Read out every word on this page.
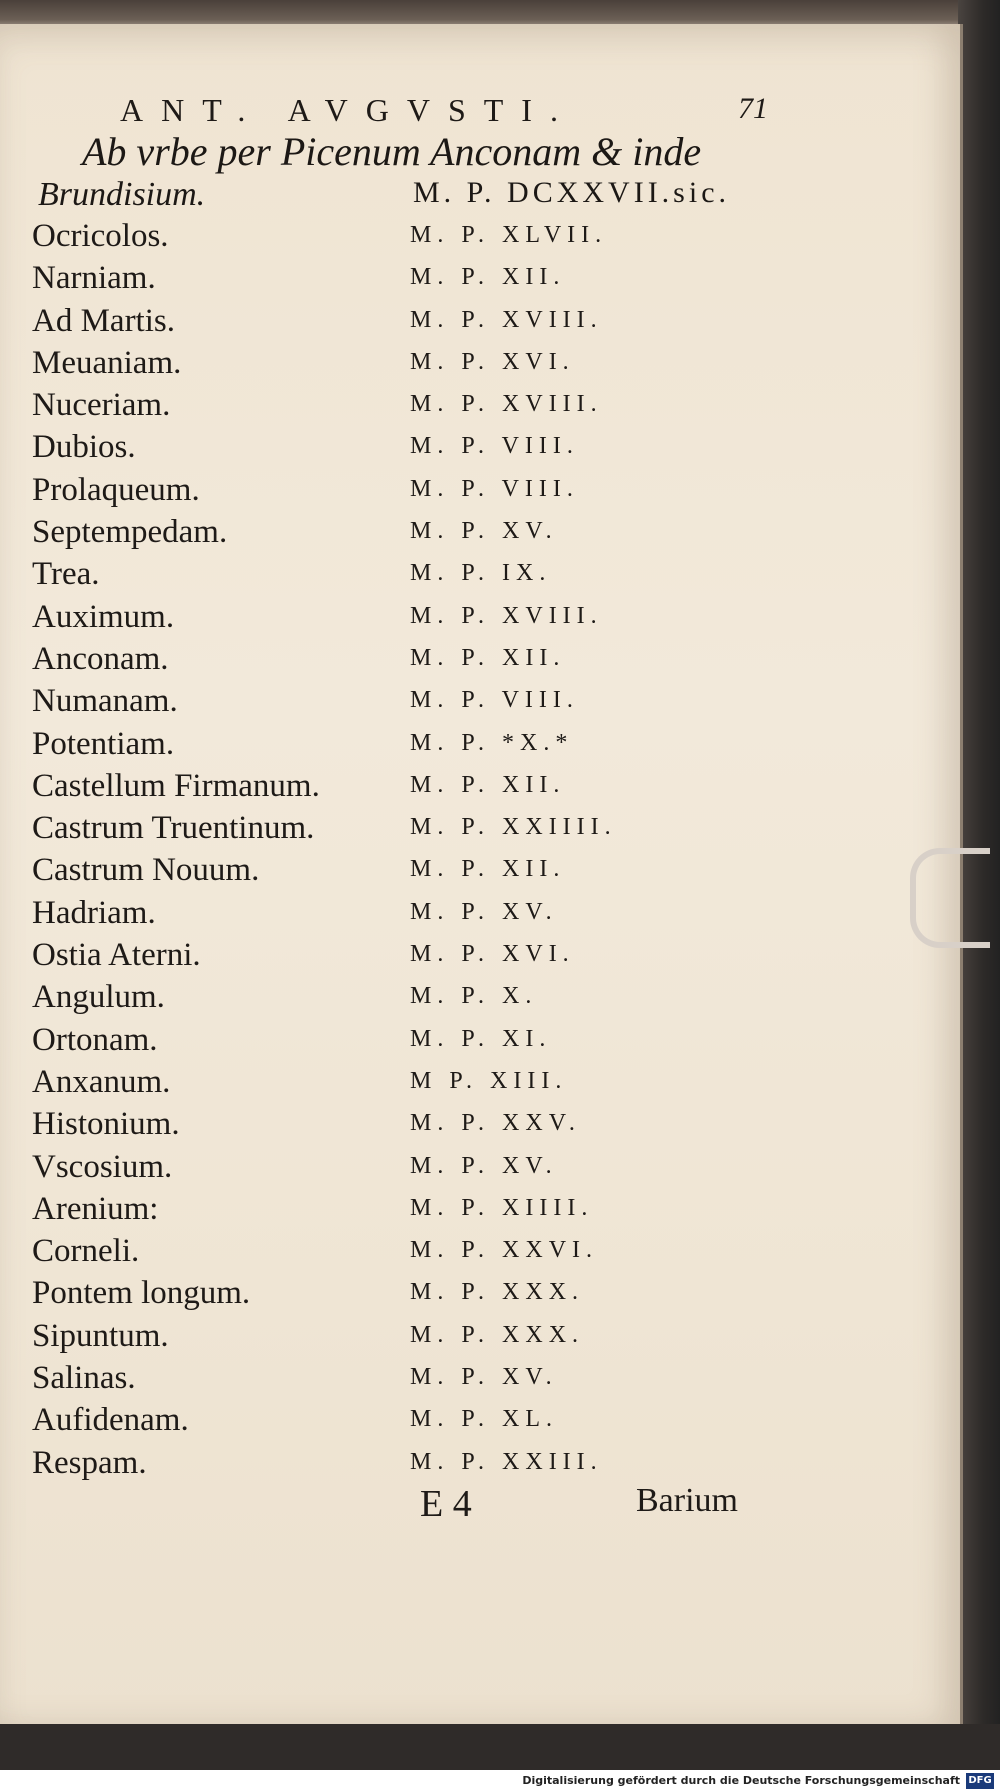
ANT. AVGVSTI.	71
Ab vrbe per Picenum Anconam & inde
Brundisium.	M. P. DCXXVII.sic.
Ocricolos.	M. P. XLVII.
Narniam.	M. P. XII.
Ad Martis.	M. P. XVIII.
Meuaniam.	M. P. XVI.
Nuceriam.	M. P. XVIII.
Dubios.	M. P. VIII.
Prolaqueum.	M. P. VIII.
Septempedam.	M. P. XV.
Trea.	M. P. IX.
Auximum.	M. P. XVIII.
Anconam.	M. P. XII.
Numanam.	M. P. VIII.
Potentiam.	M. P. *X.*
Castellum Firmanum.	M. P. XII.
Castrum Truentinum.	M. P. XXIIII.
Castrum Nouum.	M. P. XII.
Hadriam.	M. P. XV.
Ostia Aterni.	M. P. XVI.
Angulum.	M. P. X.
Ortonam.	M. P. XI.
Anxanum.	M P. XIII.
Histonium.	M. P. XXV.
Vscosium.	M. P. XV.
Arenium:	M. P. XIIII.
Corneli.	M. P. XXVI.
Pontem longum.	M. P. XXX.
Sipuntum.	M. P. XXX.
Salinas.	M. P. XV.
Aufidenam.	M. P. XL.
Respam.	M. P. XXIII.
E 4	Barium
Digitalisierung gefördert durch die Deutsche Forschungsgemeinschaft DFG
